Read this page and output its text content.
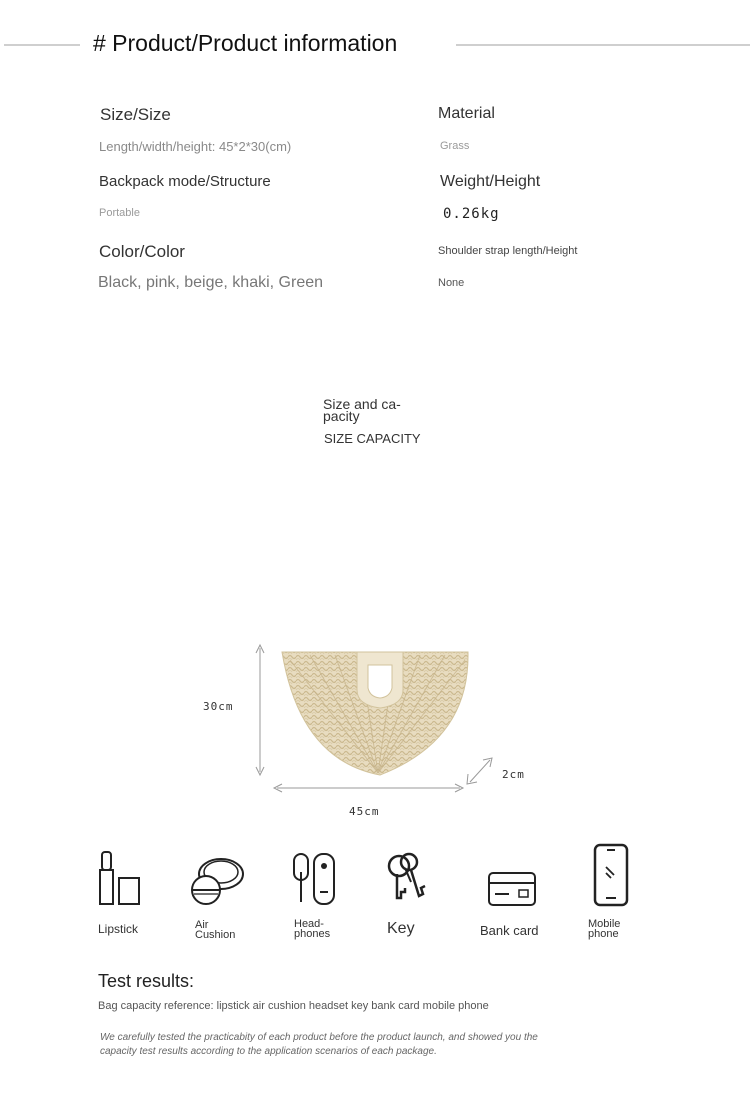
# Product/Product information
Size/Size
Length/width/height: 45*2*30(cm)
Material
Grass
Backpack mode/Structure
Portable
Weight/Height
0.26kg
Color/Color
Black, pink, beige, khaki, Green
Shoulder strap length/Height
None
Size and ca-
pacity
SIZE CAPACITY
30cm
45cm
2cm
Lipstick	Air Cushion
Head-phones	Key	Bank card	Mobile phone
Test results:
Bag capacity reference: lipstick air cushion headset key bank card mobile phone
We carefully tested the practicabity of each product before the product launch, and showed you the capacity test results according to the application scenarios of each package.
